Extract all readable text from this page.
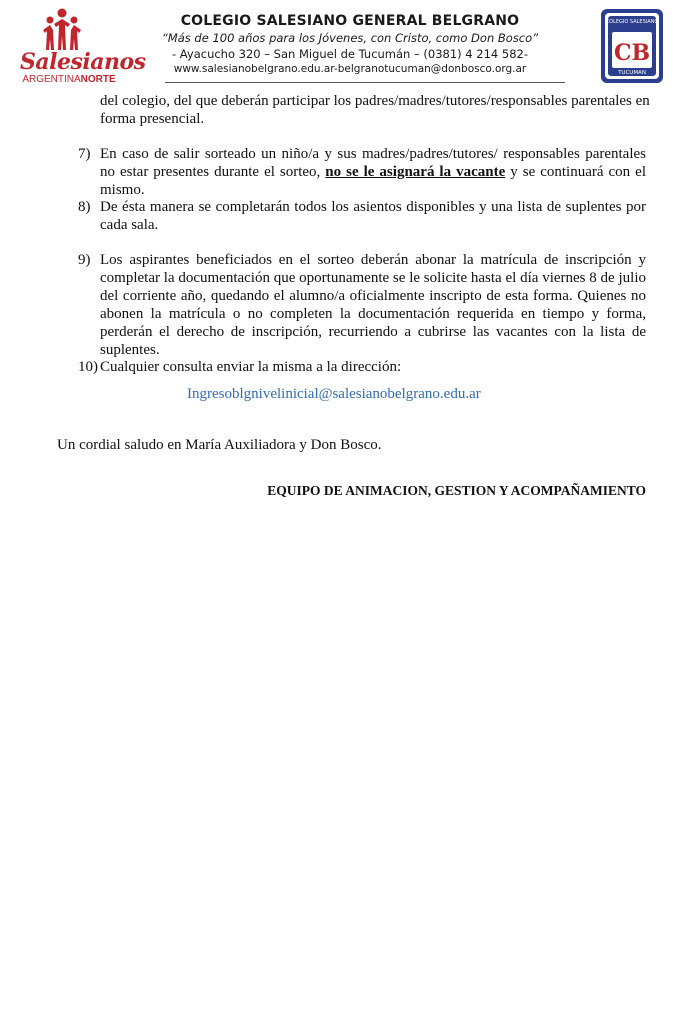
Salesianos
ARGENTINANORTE
COLEGIO SALESIANO GENERAL BELGRANO
“Más de 100 años para los Jóvenes, con Cristo, como Don Bosco”
- Ayacucho 320 – San Miguel de Tucumán – (0381) 4 214 582-
www.salesianobelgrano.edu.ar-belgranotucuman@donbosco.org.ar
COLEGIO SALESIANO
CB
TUCUMAN
del colegio, del que deberán participar los padres/madres/tutores/responsables parentales en
forma presencial.
7) En caso de salir sorteado un niño/a y sus madres/padres/tutores/ responsables parentales no estar presentes durante el sorteo, no se le asignará la vacante y se continuará con el mismo.
8) De ésta manera se completarán todos los asientos disponibles y una lista de suplentes por cada sala.
9) Los aspirantes beneficiados en el sorteo deberán abonar la matrícula de inscripción y completar la documentación que oportunamente se le solicite hasta el día viernes 8 de julio del corriente año, quedando el alumno/a oficialmente inscripto de esta forma. Quienes no abonen la matrícula o no completen la documentación requerida en tiempo y forma, perderán el derecho de inscripción, recurriendo a cubrirse las vacantes con la lista de suplentes.
10) Cualquier consulta enviar la misma a la dirección:
Ingresoblgnivelinicial@salesianobelgrano.edu.ar
Un cordial saludo en María Auxiliadora y Don Bosco.
EQUIPO DE ANIMACION, GESTION Y ACOMPAÑAMIENTO
